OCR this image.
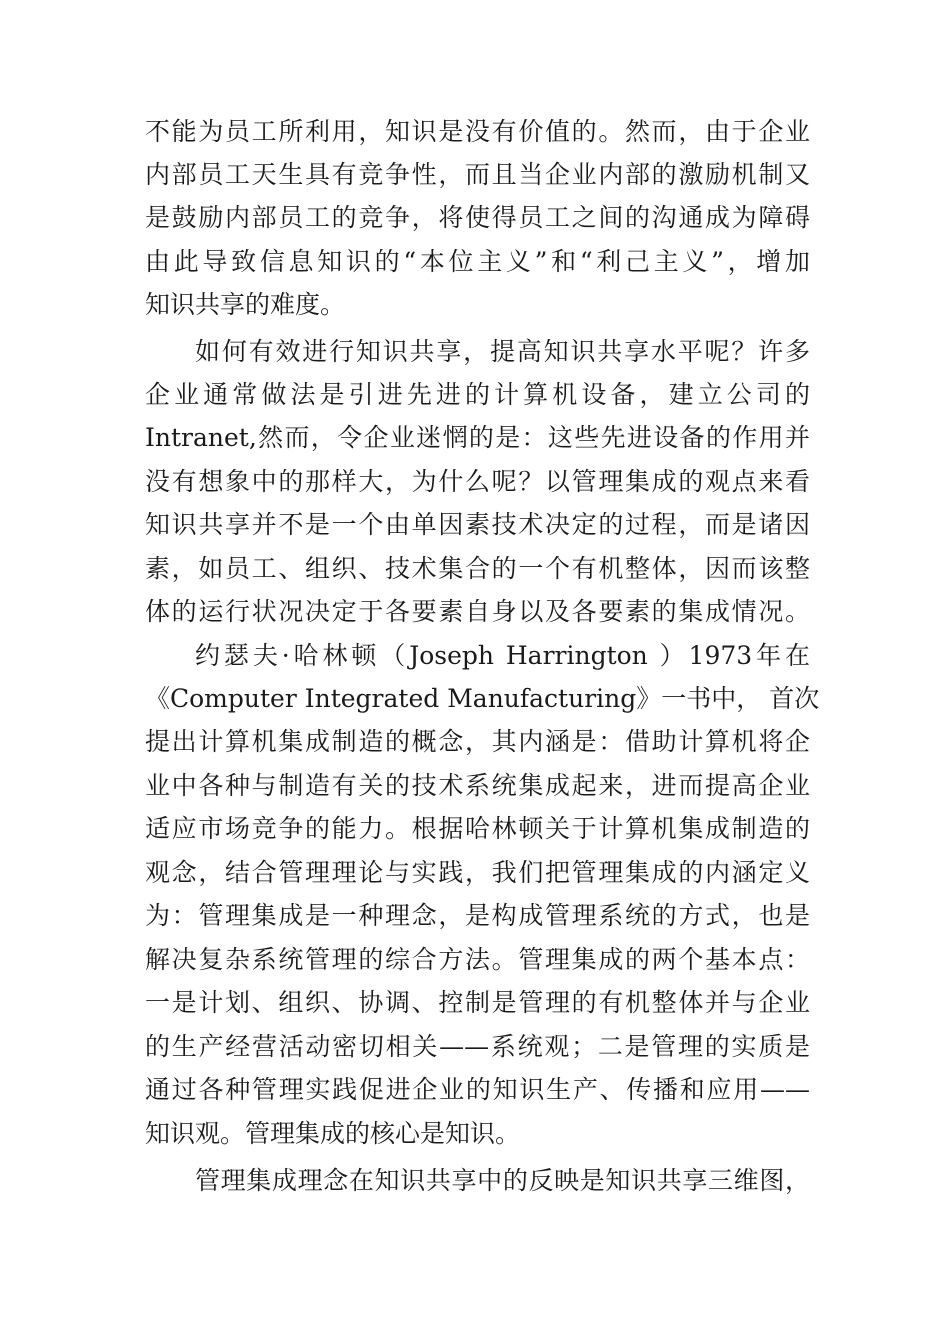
不能为员工所利用，知识是没有价值的。然而，由于企业
内部员工天生具有竞争性，而且当企业内部的激励机制又
是鼓励内部员工的竞争，将使得员工之间的沟通成为障碍
由此导致信息知识的“本位主义”和“利己主义”，增加
知识共享的难度。
如何有效进行知识共享，提高知识共享水平呢？许多
企业通常做法是引进先进的计算机设备，建立公司的
Intranet,然而，令企业迷惘的是：这些先进设备的作用并
没有想象中的那样大，为什么呢？以管理集成的观点来看
知识共享并不是一个由单因素技术决定的过程，而是诸因
素，如员工、组织、技术集合的一个有机整体，因而该整
体的运行状况决定于各要素自身以及各要素的集成情况。
约瑟夫·哈林顿（Joseph Harrington ）1973年在
《Computer Integrated Manufacturing》一书中， 首次
提出计算机集成制造的概念，其内涵是：借助计算机将企
业中各种与制造有关的技术系统集成起来，进而提高企业
适应市场竞争的能力。根据哈林顿关于计算机集成制造的
观念，结合管理理论与实践，我们把管理集成的内涵定义
为：管理集成是一种理念，是构成管理系统的方式，也是
解决复杂系统管理的综合方法。管理集成的两个基本点：
一是计划、组织、协调、控制是管理的有机整体并与企业
的生产经营活动密切相关——系统观；二是管理的实质是
通过各种管理实践促进企业的知识生产、传播和应用——
知识观。管理集成的核心是知识。
管理集成理念在知识共享中的反映是知识共享三维图，
